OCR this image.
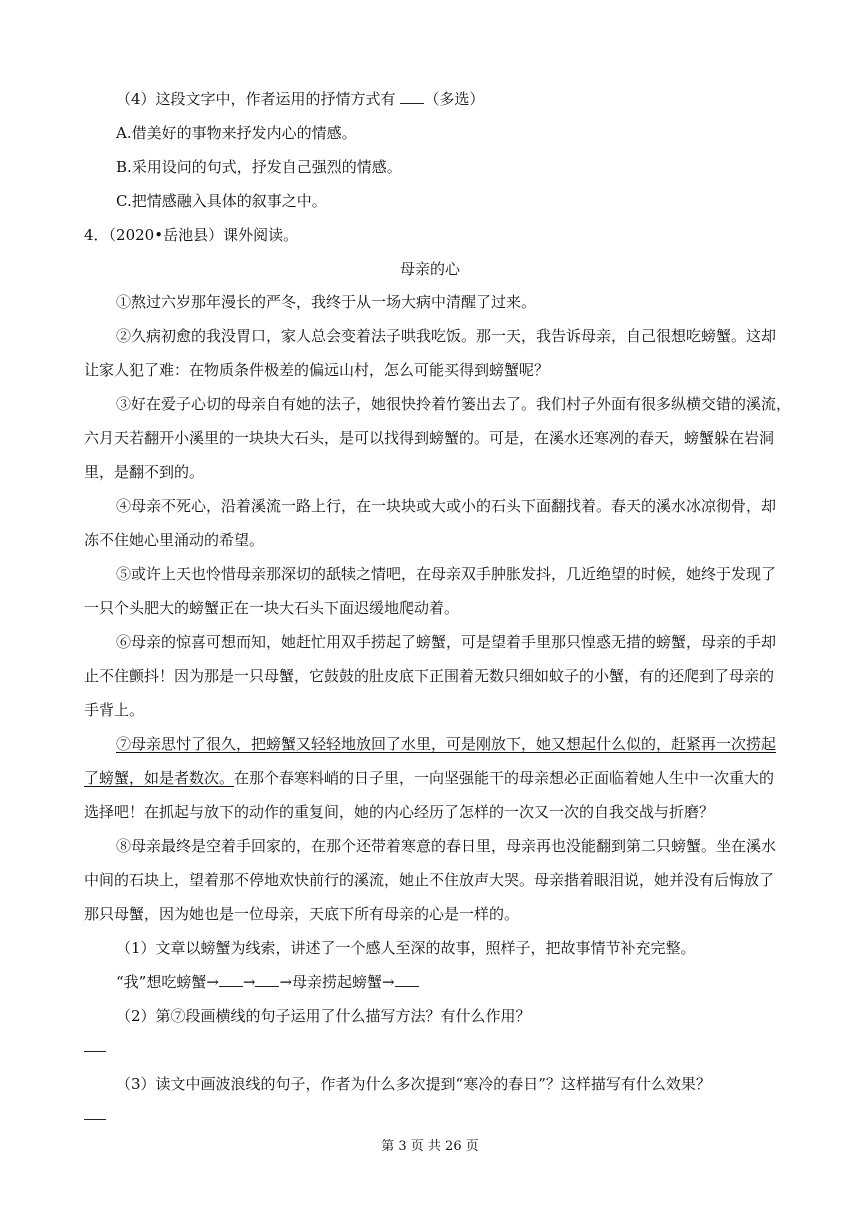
（4）这段文字中，作者运用的抒情方式有 （多选）
A.借美好的事物来抒发内心的情感。
B.采用设问的句式，抒发自己强烈的情感。
C.把情感融入具体的叙事之中。
4．（2020•岳池县）课外阅读。
母亲的心
①熬过六岁那年漫长的严冬，我终于从一场大病中清醒了过来。
②久病初愈的我没胃口，家人总会变着法子哄我吃饭。那一天，我告诉母亲，自己很想吃螃蟹。这却
让家人犯了难：在物质条件极差的偏远山村，怎么可能买得到螃蟹呢？
③好在爱子心切的母亲自有她的法子，她很快拎着竹篓出去了。我们村子外面有很多纵横交错的溪流，
六月天若翻开小溪里的一块块大石头，是可以找得到螃蟹的。可是，在溪水还寒冽的春天，螃蟹躲在岩洞
里，是翻不到的。
④母亲不死心，沿着溪流一路上行，在一块块或大或小的石头下面翻找着。春天的溪水冰凉彻骨，却
冻不住她心里涌动的希望。
⑤或许上天也怜惜母亲那深切的舐犊之情吧，在母亲双手肿胀发抖，几近绝望的时候，她终于发现了
一只个头肥大的螃蟹正在一块大石头下面迟缓地爬动着。
⑥母亲的惊喜可想而知，她赶忙用双手捞起了螃蟹，可是望着手里那只惶惑无措的螃蟹，母亲的手却
止不住颤抖！因为那是一只母蟹，它鼓鼓的肚皮底下正围着无数只细如蚊子的小蟹，有的还爬到了母亲的
手背上。
⑦母亲思忖了很久，把螃蟹又轻轻地放回了水里，可是刚放下，她又想起什么似的，赶紧再一次捞起
了螃蟹，如是者数次。在那个春寒料峭的日子里，一向坚强能干的母亲想必正面临着她人生中一次重大的
选择吧！在抓起与放下的动作的重复间，她的内心经历了怎样的一次又一次的自我交战与折磨？
⑧母亲最终是空着手回家的，在那个还带着寒意的春日里，母亲再也没能翻到第二只螃蟹。坐在溪水
中间的石块上，望着那不停地欢快前行的溪流，她止不住放声大哭。母亲揩着眼泪说，她并没有后悔放了
那只母蟹，因为她也是一位母亲，天底下所有母亲的心是一样的。
（1）文章以螃蟹为线索，讲述了一个感人至深的故事，照样子，把故事情节补充完整。
“我”想吃螃蟹→ → →母亲捞起螃蟹→
（2）第⑦段画横线的句子运用了什么描写方法？有什么作用？
（3）读文中画波浪线的句子，作者为什么多次提到“寒冷的春日”？这样描写有什么效果？
第 3 页 共 26 页
